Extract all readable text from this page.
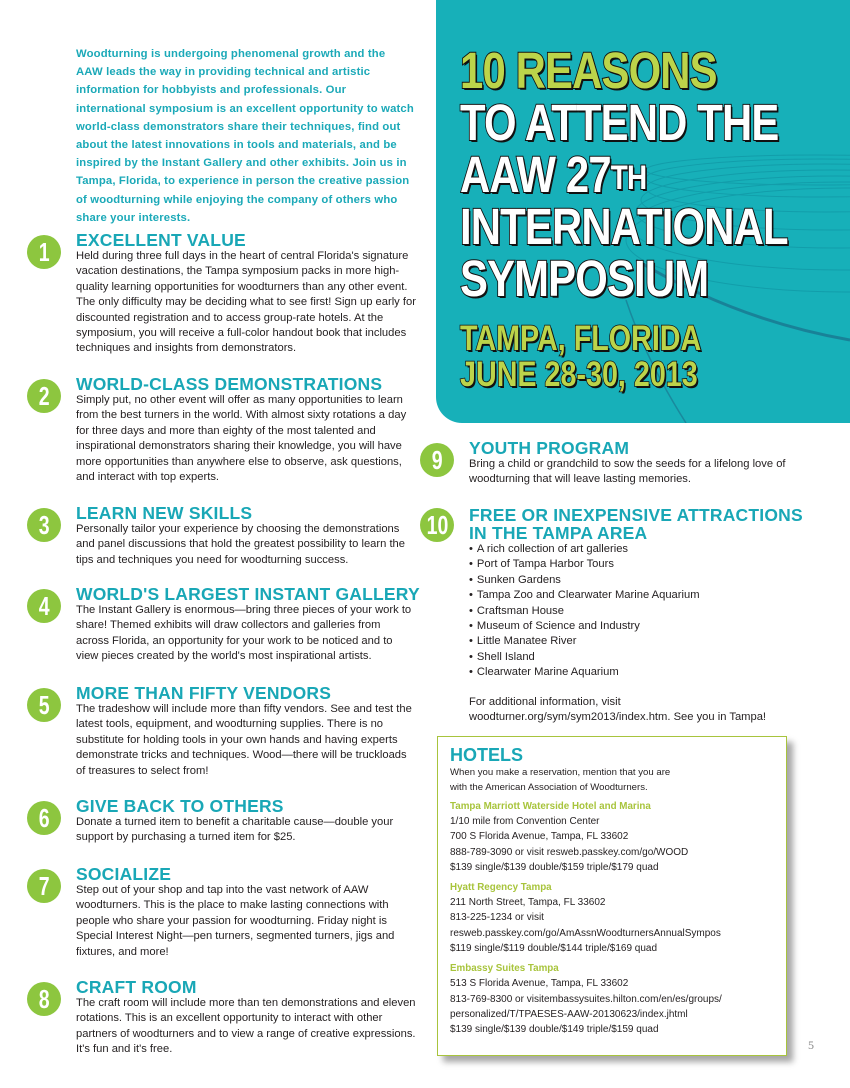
Woodturning is undergoing phenomenal growth and the AAW leads the way in providing technical and artistic information for hobbyists and professionals. Our international symposium is an excellent opportunity to watch world-class demonstrators share their techniques, find out about the latest innovations in tools and materials, and be inspired by the Instant Gallery and other exhibits. Join us in Tampa, Florida, to experience in person the creative passion of woodturning while enjoying the company of others who share your interests.
10 REASONS
TO ATTEND THE
AAW 27TH
INTERNATIONAL
SYMPOSIUM
TAMPA, FLORIDA
JUNE 28-30, 2013
1	EXCELLENT VALUE

Held during three full days in the heart of central Florida's signature vacation destinations, the Tampa symposium packs in more high-quality learning opportunities for woodturners than any other event. The only difficulty may be deciding what to see first! Sign up early for discounted registration and to access group-rate hotels. At the symposium, you will receive a full-color handout book that includes techniques and insights from demonstrators.

2	WORLD-CLASS DEMONSTRATIONS

Simply put, no other event will offer as many opportunities to learn from the best turners in the world. With almost sixty rotations a day for three days and more than eighty of the most talented and inspirational demonstrators sharing their knowledge, you will have more opportunities than anywhere else to observe, ask questions, and interact with top experts.

3	LEARN NEW SKILLS

Personally tailor your experience by choosing the demonstrations and panel discussions that hold the greatest possibility to learn the tips and techniques you need for woodturning success.

4	WORLD'S LARGEST INSTANT GALLERY

The Instant Gallery is enormous—bring three pieces of your work to share! Themed exhibits will draw collectors and galleries from across Florida, an opportunity for your work to be noticed and to view pieces created by the world's most inspirational artists.

5	MORE THAN FIFTY VENDORS

The tradeshow will include more than fifty vendors. See and test the latest tools, equipment, and woodturning supplies. There is no substitute for holding tools in your own hands and having experts demonstrate tricks and techniques. Wood—there will be truckloads of treasures to select from!

6	GIVE BACK TO OTHERS

Donate a turned item to benefit a charitable cause—double your support by purchasing a turned item for $25.

7	SOCIALIZE

Step out of your shop and tap into the vast network of AAW woodturners. This is the place to make lasting connections with people who share your passion for woodturning. Friday night is Special Interest Night—pen turners, segmented turners, jigs and fixtures, and more!

8	CRAFT ROOM

The craft room will include more than ten demonstrations and eleven rotations. This is an excellent opportunity to interact with other partners of woodturners and to view a range of creative expressions. It's fun and it's free.

9	YOUTH PROGRAM

Bring a child or grandchild to sow the seeds for a lifelong love of woodturning that will leave lasting memories.

10	FREE OR INEXPENSIVE ATTRACTIONS
IN THE TAMPA AREA
• A rich collection of art galleries
• Port of Tampa Harbor Tours
• Sunken Gardens
• Tampa Zoo and Clearwater Marine Aquarium
• Craftsman House
• Museum of Science and Industry
• Little Manatee River
• Shell Island
• Clearwater Marine Aquarium

For additional information, visit
woodturner.org/sym/sym2013/index.htm. See you in Tampa!

HOTELS
When you make a reservation, mention that you are
with the American Association of Woodturners.
Tampa Marriott Waterside Hotel and Marina
1/10 mile from Convention Center
700 S Florida Avenue, Tampa, FL 33602
888-789-3090 or visit resweb.passkey.com/go/WOOD
$139 single/$139 double/$159 triple/$179 quad
Hyatt Regency Tampa
211 North Street, Tampa, FL 33602
813-225-1234 or visit
resweb.passkey.com/go/AmAssnWoodturnersAnnualSympos
$119 single/$119 double/$144 triple/$169 quad
Embassy Suites Tampa
513 S Florida Avenue, Tampa, FL 33602
813-769-8300 or visitembassysuites.hilton.com/en/es/groups/
personalized/T/TPAESES-AAW-20130623/index.jhtml
$139 single/$139 double/$149 triple/$159 quad
5
